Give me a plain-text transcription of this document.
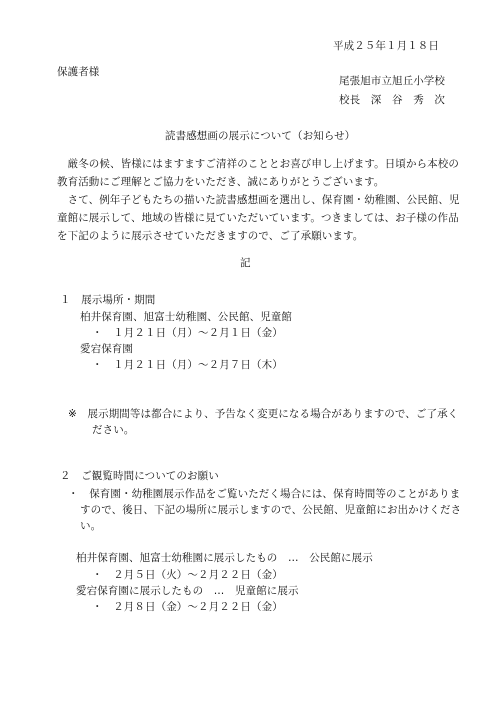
平成２５年１月１８日
保護者様
尾張旭市立旭丘小学校
校長　深　谷　秀　次
読書感想画の展示について（お知らせ）
　厳冬の候、皆様にはますますご清祥のこととお喜び申し上げます。日頃から本校の
教育活動にご理解とご協力をいただき、誠にありがとうございます。
　さて、例年子どもたちの描いた読書感想画を選出し、保育園・幼稚園、公民館、児
童館に展示して、地域の皆様に見ていただいています。つきましては、お子様の作品
を下記のように展示させていただきますので、ご了承願います。
記
１　展示場所・期間
柏井保育園、旭富士幼稚園、公民館、児童館
・　１月２１日（月）～２月１日（金）
愛宕保育園
・　１月２１日（月）～２月７日（木）
※　展示期間等は都合により、予告なく変更になる場合がありますので、ご了承く
ださい。
２　ご観覧時間についてのお願い
・　保育園・幼稚園展示作品をご覧いただく場合には、保育時間等のことがありま
すので、後日、下記の場所に展示しますので、公民館、児童館にお出かけくださ
い。
柏井保育園、旭富士幼稚園に展示したもの　…　公民館に展示
・　２月５日（火）～２月２２日（金）
愛宕保育園に展示したもの　…　児童館に展示
・　２月８日（金）～２月２２日（金）
